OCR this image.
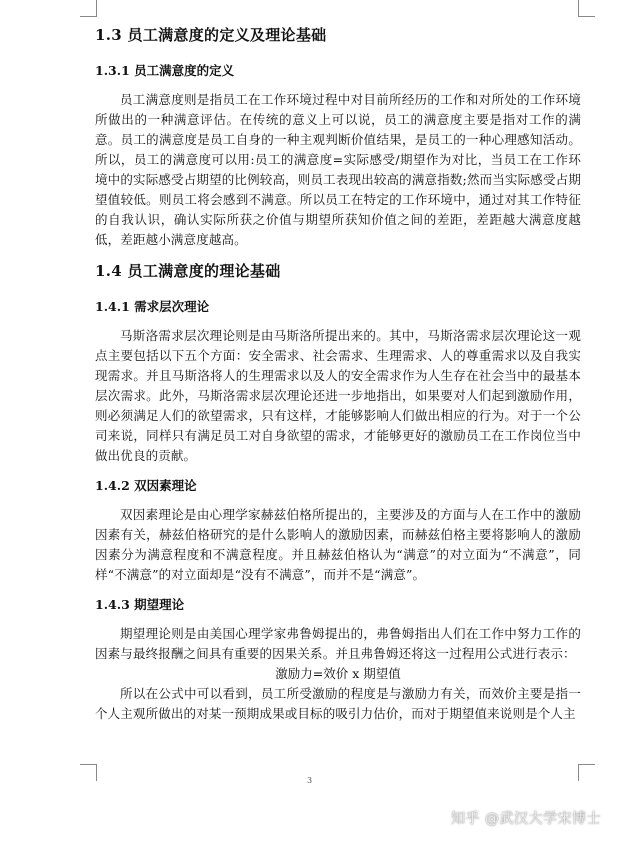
1.3 员工满意度的定义及理论基础
1.3.1 员工满意度的定义

员工满意度则是指员工在工作环境过程中对目前所经历的工作和对所处的工作环境所做出的一种满意评估。在传统的意义上可以说，员工的满意度主要是指对工作的满意。员工的满意度是员工自身的一种主观判断价值结果，是员工的一种心理感知活动。所以，员工的满意度可以用:员工的满意度=实际感受/期望作为对比，当员工在工作环境中的实际感受占期望的比例较高，则员工表现出较高的满意指数;然而当实际感受占期望值较低。则员工将会感到不满意。所以员工在特定的工作环境中，通过对其工作特征的自我认识，确认实际所获之价值与期望所获知价值之间的差距，差距越大满意度越低，差距越小满意度越高。

1.4 员工满意度的理论基础
1.4.1 需求层次理论

马斯洛需求层次理论则是由马斯洛所提出来的。其中，马斯洛需求层次理论这一观点主要包括以下五个方面：安全需求、社会需求、生理需求、人的尊重需求以及自我实现需求。并且马斯洛将人的生理需求以及人的安全需求作为人生存在社会当中的最基本层次需求。此外，马斯洛需求层次理论还进一步地指出，如果要对人们起到激励作用，则必须满足人们的欲望需求，只有这样，才能够影响人们做出相应的行为。对于一个公司来说，同样只有满足员工对自身欲望的需求，才能够更好的激励员工在工作岗位当中做出优良的贡献。

1.4.2 双因素理论

双因素理论是由心理学家赫兹伯格所提出的，主要涉及的方面与人在工作中的激励因素有关，赫兹伯格研究的是什么影响人的激励因素，而赫兹伯格主要将影响人的激励因素分为满意程度和不满意程度。并且赫兹伯格认为“满意”的对立面为“不满意”，同样“不满意”的对立面却是“没有不满意”，而并不是“满意”。

1.4.3 期望理论

期望理论则是由美国心理学家弗鲁姆提出的，弗鲁姆指出人们在工作中努力工作的因素与最终报酬之间具有重要的因果关系。并且弗鲁姆还将这一过程用公式进行表示：

激励力=效价 x 期望值

所以在公式中可以看到，员工所受激励的程度是与激励力有关，而效价主要是指一个人主观所做出的对某一预期成果或目标的吸引力估价，而对于期望值来说则是个人主

3
知乎 @武汉大学宋博士
